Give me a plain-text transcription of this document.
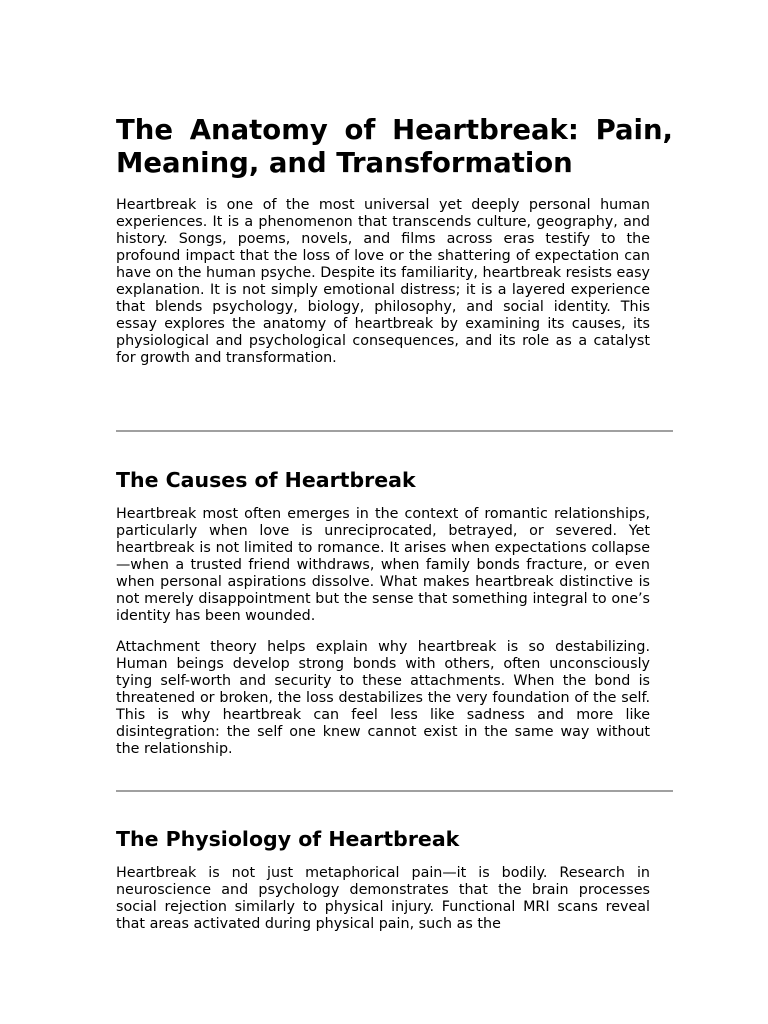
The Anatomy of Heartbreak: Pain, Meaning, and Transformation

Heartbreak is one of the most universal yet deeply personal human experiences. It is a phenomenon that transcends culture, geography, and history. Songs, poems, novels, and films across eras testify to the profound impact that the loss of love or the shattering of expectation can have on the human psyche. Despite its familiarity, heartbreak resists easy explanation. It is not simply emotional distress; it is a layered experience that blends psychology, biology, philosophy, and social identity. This essay explores the anatomy of heartbreak by examining its causes, its physiological and psychological consequences, and its role as a catalyst for growth and transformation.

The Causes of Heartbreak

Heartbreak most often emerges in the context of romantic relationships, particularly when love is unreciprocated, betrayed, or severed. Yet heartbreak is not limited to romance. It arises when expectations collapse—when a trusted friend withdraws, when family bonds fracture, or even when personal aspirations dissolve. What makes heartbreak distinctive is not merely disappointment but the sense that something integral to one’s identity has been wounded.

Attachment theory helps explain why heartbreak is so destabilizing. Human beings develop strong bonds with others, often unconsciously tying self-worth and security to these attachments. When the bond is threatened or broken, the loss destabilizes the very foundation of the self. This is why heartbreak can feel less like sadness and more like disintegration: the self one knew cannot exist in the same way without the relationship.

The Physiology of Heartbreak

Heartbreak is not just metaphorical pain—it is bodily. Research in neuroscience and psychology demonstrates that the brain processes social rejection similarly to physical injury. Functional MRI scans reveal that areas activated during physical pain, such as the
